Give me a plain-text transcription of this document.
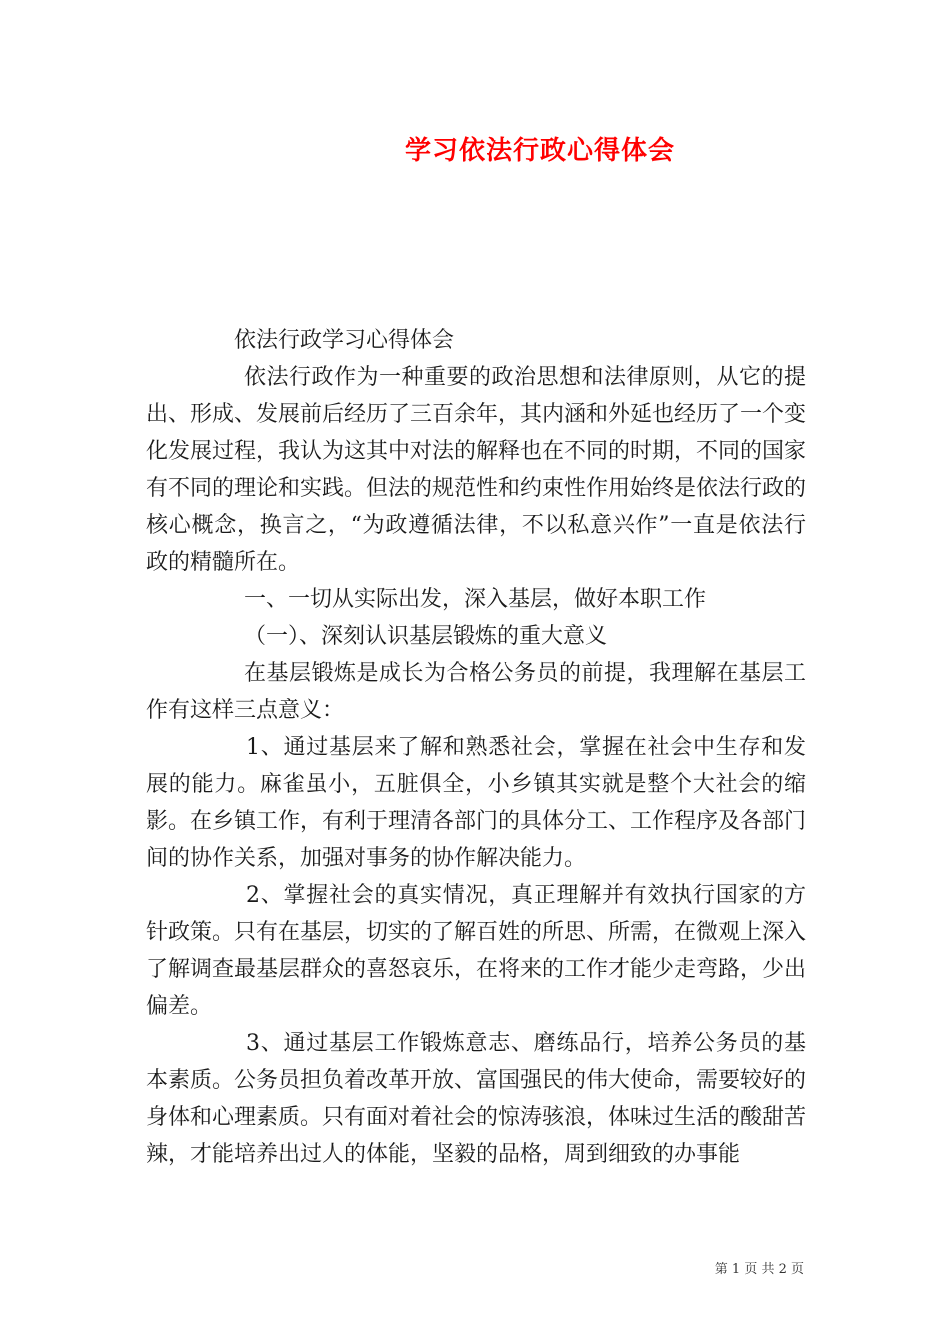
学习依法行政心得体会

依法行政学习心得体会

依法行政作为一种重要的政治思想和法律原则，从它的提出、形成、发展前后经历了三百余年，其内涵和外延也经历了一个变化发展过程，我认为这其中对法的解释也在不同的时期，不同的国家有不同的理论和实践。但法的规范性和约束性作用始终是依法行政的核心概念，换言之，“为政遵循法律，不以私意兴作”一直是依法行政的精髓所在。

一、一切从实际出发，深入基层，做好本职工作

（一）、深刻认识基层锻炼的重大意义

在基层锻炼是成长为合格公务员的前提，我理解在基层工作有这样三点意义：

1、通过基层来了解和熟悉社会，掌握在社会中生存和发展的能力。麻雀虽小，五脏俱全，小乡镇其实就是整个大社会的缩影。在乡镇工作，有利于理清各部门的具体分工、工作程序及各部门间的协作关系，加强对事务的协作解决能力。

2、掌握社会的真实情况，真正理解并有效执行国家的方针政策。只有在基层，切实的了解百姓的所思、所需，在微观上深入了解调查最基层群众的喜怒哀乐，在将来的工作才能少走弯路，少出偏差。

3、通过基层工作锻炼意志、磨练品行，培养公务员的基本素质。公务员担负着改革开放、富国强民的伟大使命，需要较好的身体和心理素质。只有面对着社会的惊涛骇浪，体味过生活的酸甜苦辣，才能培养出过人的体能，坚毅的品格，周到细致的办事能

第 1 页 共 2 页
